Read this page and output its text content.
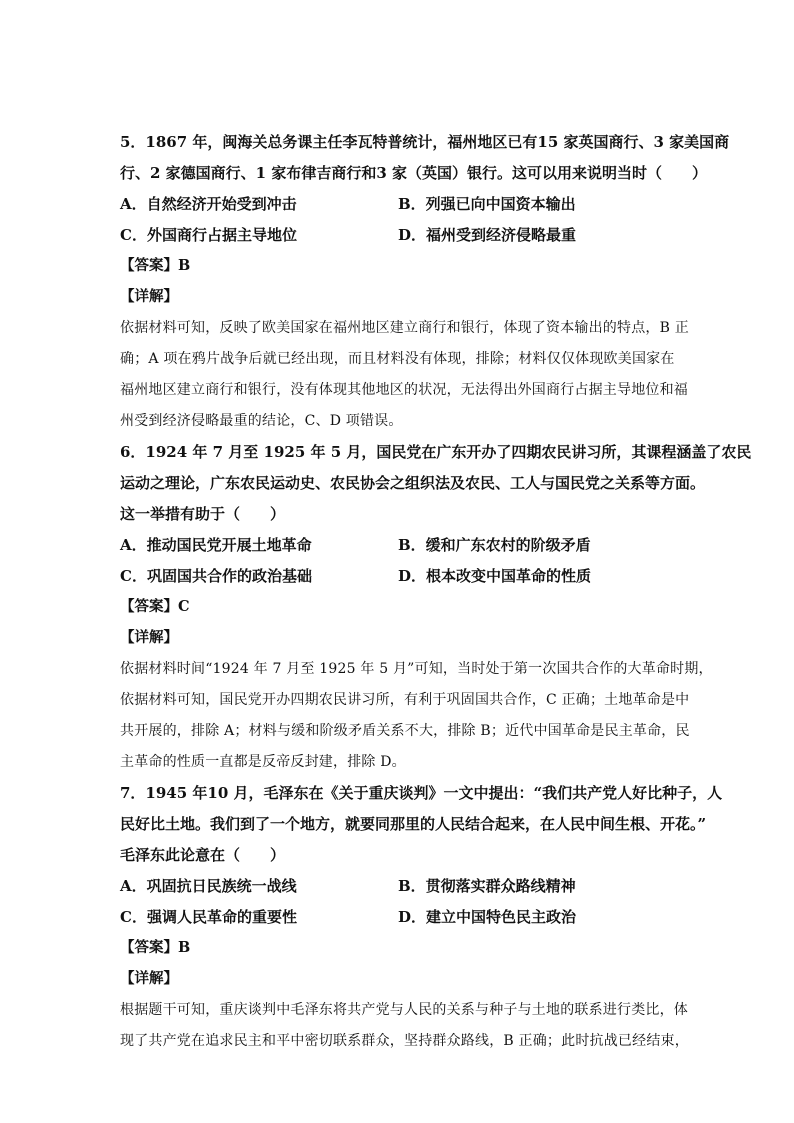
5．1867 年，闽海关总务课主任李瓦特普统计，福州地区已有15 家英国商行、3 家美国商
行、2 家德国商行、1 家布律吉商行和3 家（英国）银行。这可以用来说明当时（　　）
A．自然经济开始受到冲击	B．列强已向中国资本输出
C．外国商行占据主导地位	D．福州受到经济侵略最重
【答案】B
【详解】
依据材料可知，反映了欧美国家在福州地区建立商行和银行，体现了资本输出的特点，B 正
确；A 项在鸦片战争后就已经出现，而且材料没有体现，排除；材料仅仅体现欧美国家在
福州地区建立商行和银行，没有体现其他地区的状况，无法得出外国商行占据主导地位和福
州受到经济侵略最重的结论，C、D 项错误。
6．1924 年 7 月至 1925 年 5 月，国民党在广东开办了四期农民讲习所，其课程涵盖了农民
运动之理论，广东农民运动史、农民协会之组织法及农民、工人与国民党之关系等方面。
这一举措有助于（　　）
A．推动国民党开展土地革命	B．缓和广东农村的阶级矛盾
C．巩固国共合作的政治基础	D．根本改变中国革命的性质
【答案】C
【详解】
依据材料时间“1924 年 7 月至 1925 年 5 月”可知，当时处于第一次国共合作的大革命时期，
依据材料可知，国民党开办四期农民讲习所，有利于巩固国共合作，C 正确；土地革命是中
共开展的，排除 A；材料与缓和阶级矛盾关系不大，排除 B；近代中国革命是民主革命，民
主革命的性质一直都是反帝反封建，排除 D。
7．1945 年10 月，毛泽东在《关于重庆谈判》一文中提出：“我们共产党人好比种子，人
民好比土地。我们到了一个地方，就要同那里的人民结合起来，在人民中间生根、开花。”
毛泽东此论意在（　　）
A．巩固抗日民族统一战线	B．贯彻落实群众路线精神
C．强调人民革命的重要性	D．建立中国特色民主政治
【答案】B
【详解】
根据题干可知，重庆谈判中毛泽东将共产党与人民的关系与种子与土地的联系进行类比，体
现了共产党在追求民主和平中密切联系群众，坚持群众路线，B 正确；此时抗战已经结束，
